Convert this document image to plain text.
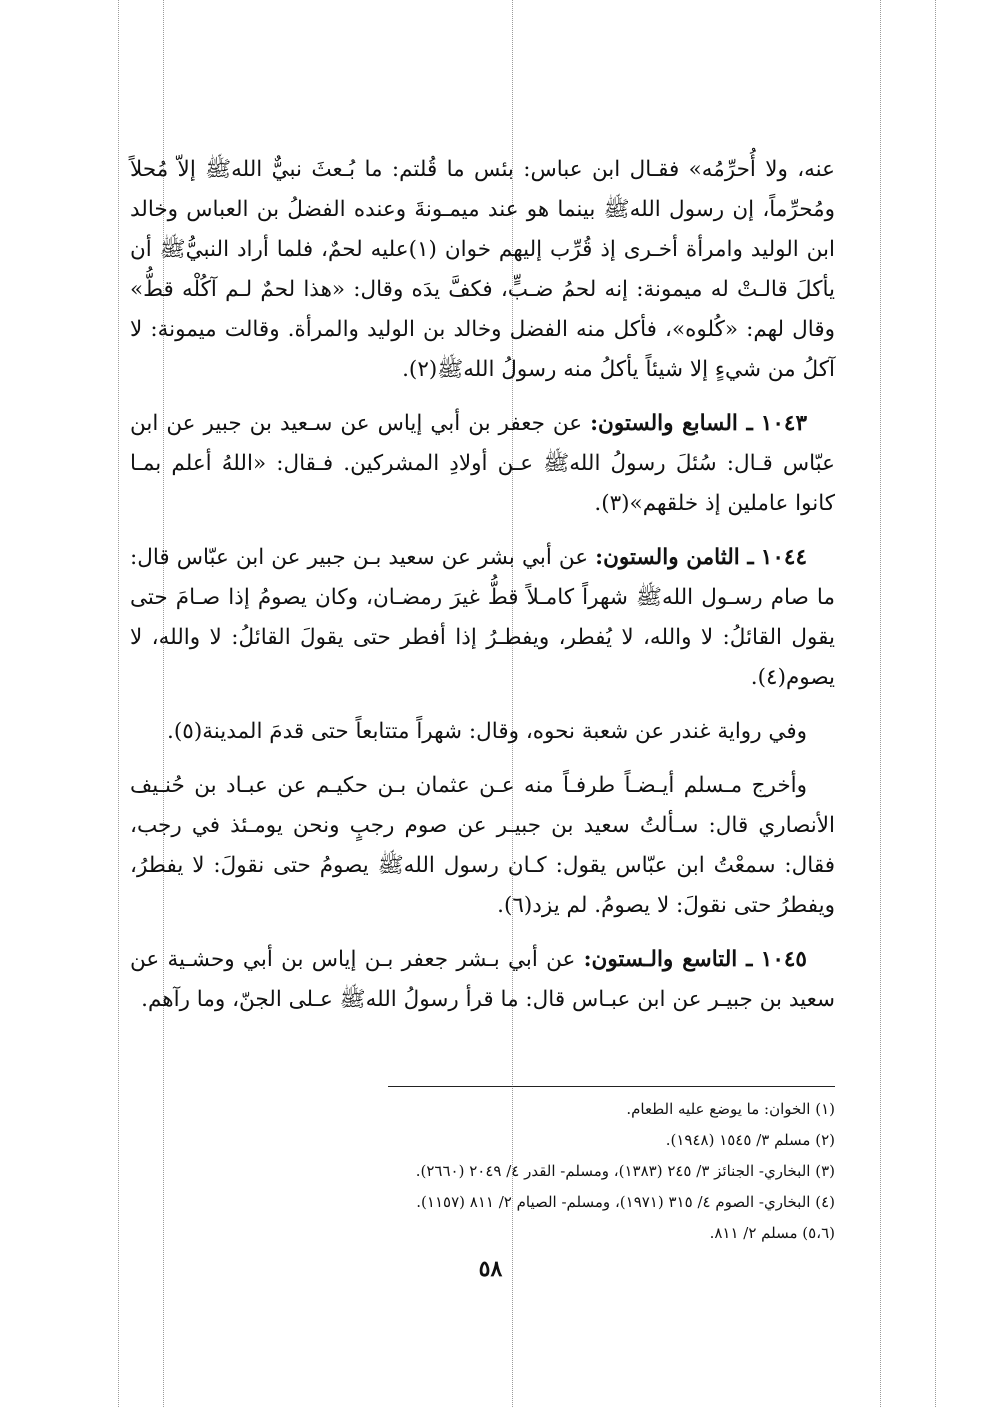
عنه، ولا أُحرِّمُه» فقـال ابن عباس: بئس ما قُلتم: ما بُـعثَ نبيٌّ اللهﷺ إلاّ مُحلاً ومُحرِّماً، إن رسول اللهﷺ بينما هو عند ميمـونةَ وعنده الفضلُ بن العباس وخالد ابن الوليد وامرأة أخـرى إذ قُرِّب إليهم خوان (١)عليه لحمٌ، فلما أراد النبيُّﷺ أن يأكلَ قالـتْ له ميمونة: إنه لحمُ ضـبٍّ، فكفَّ يدَه وقال: «هذا لحمٌ لـم آكُلْه قطُّ» وقال لهم: «كُلوه»، فأكل منه الفضل وخالد بن الوليد والمرأة. وقالت ميمونة: لا آكلُ من شيءٍ إلا شيئاً يأكلُ منه رسولُ اللهﷺ(٢).

١٠٤٣ ـ السابع والستون: عن جعفر بن أبي إياس عن سـعيد بن جبير عن ابن عبّاس قـال: سُئلَ رسولُ اللهﷺ عـن أولادِ المشركين. فـقال: «اللهُ أعلم بمـا كانوا عاملين إذ خلقهم»(٣).

١٠٤٤ ـ الثامن والستون: عن أبي بشر عن سعيد بـن جبير عن ابن عبّاس قال: ما صام رسـول اللهﷺ شهراً كامـلاً قطُّ غيرَ رمضـان، وكان يصومُ إذا صـامَ حتى يقول القائلُ: لا والله، لا يُفطر، ويفطـرُ إذا أفطر حتى يقولَ القائلُ: لا والله، لا يصوم(٤).

وفي رواية غندر عن شعبة نحوه، وقال: شهراً متتابعاً حتى قدمَ المدينة(٥).

وأخرج مـسلم أيـضـاً طرفـاً منه عـن عثمان بـن حكيـم عن عبـاد بن حُنـيف الأنصاري قال: سـألتُ سعيد بن جبيـر عن صوم رجبٍ ونحن يومـئذ في رجب، فقال: سمعْتُ ابن عبّاس يقول: كـان رسول اللهﷺ يصومُ حتى نقولَ: لا يفطرُ، ويفطرُ حتى نقولَ: لا يصومُ. لم يزد(٦).

١٠٤٥ ـ التاسع والـستون: عن أبي بـشر جعفر بـن إياس بن أبي وحشـية عن سعيد بن جبيـر عن ابن عبـاس قال: ما قرأ رسولُ اللهﷺ عـلى الجنّ، وما رآهم.

(١) الخوان: ما يوضع عليه الطعام.
(٢) مسلم ٣/ ١٥٤٥ (١٩٤٨).
(٣) البخاري- الجنائز ٣/ ٢٤٥ (١٣٨٣)، ومسلم- القدر ٤/ ٢٠٤٩ (٢٦٦٠).
(٤) البخاري- الصوم ٤/ ٣١٥ (١٩٧١)، ومسلم- الصيام ٢/ ٨١١ (١١٥٧).
(٥،٦) مسلم ٢/ ٨١١.
٥٨
